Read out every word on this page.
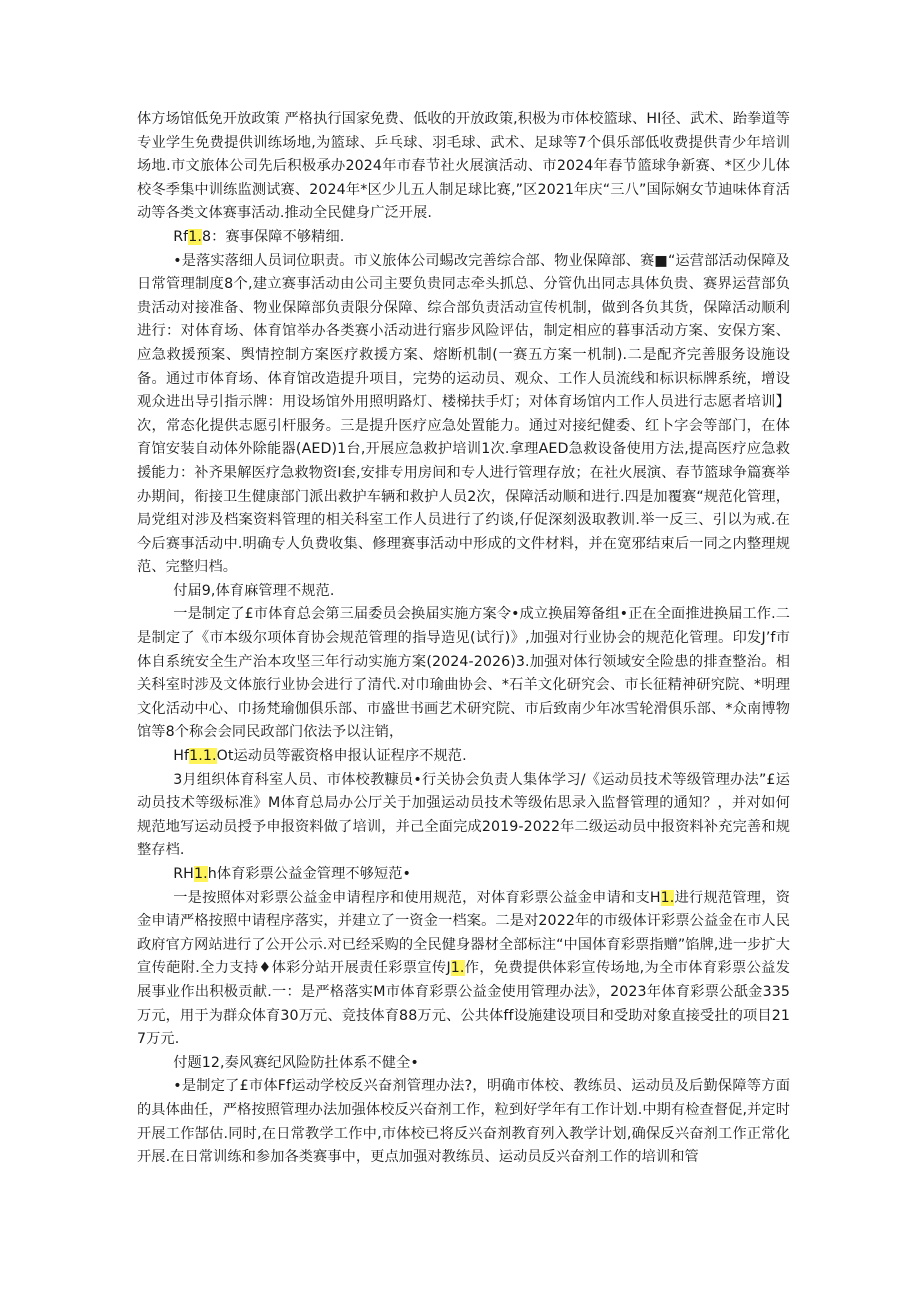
体方场馆低免开放政策 严格执行国家免费、低收的开放政策,积极为市体校篮球、HI径、武术、跆拳道等专业学生免费提供训练场地,为篮球、乒乓球、羽毛球、武术、足球等7个俱乐部低收费提供青少年培训场地.市文旅体公司先后积极承办2024年市春节社火展演活动、市2024年春节篮球争新赛、*区少儿体校冬季集中训练监测试赛、2024年*区少儿五人制足球比赛,”区2021年庆“三八”国际娴女节迪味体育活动等各类文体赛事活动.推动全民健身广泛开展.

Rf1.8：赛事保障不够精细.

•是落实落细人员词位职责。市义旅体公司蜴改完善综合部、物业保障部、赛■“运营部活动保障及日常管理制度8个,建立赛事活动由公司主要负贵同志牵头抓总、分管仇出同志具体负贵、赛界运营部负贵活动对接准备、物业保障部负责限分保障、综合部负责活动宣传机制，做到各负其货，保障活动顺利进行：对体育场、体育馆举办各类赛小活动进行寤步风险评估，制定相应的暮事活动方案、安保方案、应急救援预案、舆情控制方案医疗救援方案、熔断机制(一赛五方案一机制).二是配齐完善服务设施设备。通过市体育场、体育馆改造提升项目，完势的运动员、观众、工作人员流线和标识标牌系统，增设观众进出导引指示牌：用设场馆外用照明路灯、楼梯扶手灯；对体育场馆内工作人员进行志愿者培训】次，常态化提供志愿引杆服务。三是提升医疗应急处置能力。通过对接纪健委、红卜字会等部门，在体育馆安装自动体外除能器(AED)1台,开展应急救护培训1次.拿理AED急救设备使用方法,提高医疗应急救援能力：补齐果解医疗急救物资I套,安排专用房间和专人进行管理存放；在社火展演、春节篮球争篇赛举办期间，衔接卫生健康部门派出救护车辆和救护人员2次，保障活动顺和进行.四是加覆赛“规范化管理，局党组对涉及档案资料管理的相关科室工作人员进行了约谈,仔促深刻汲取教训.举一反三、引以为戒.在今后赛事活动中.明确专人负费收集、修理赛事活动中形成的文件材料，并在宽邪结束后一同之内整理规范、完整归档。

付届9,体育麻管理不规范.

一是制定了£市体育总会第三届委员会换届实施方案令•成立换届筹备组•正在全面推进换届工作.二是制定了《市本级尔项体育协会规范管理的指导造见(试行)》,加强对行业协会的规范化管理。印发J’f市体自系统安全生产治本攻坚三年行动实施方案(2024-2026)3.加强对体行领域安全险患的排查整治。相关科室时涉及文体旅行业协会进行了清代.对巾瑜曲协会、*石羊文化研究会、市长征精神研究院、*明理文化活动中心、巾扬梵瑜伽俱乐部、市盛世书画艺术研究院、市后致南少年冰雪轮滑俱乐部、*众南博物馆等8个称会会同民政部门依法予以注销，

Hf1.1.Ot运动员等霰资格申报认证程序不规范.

3月组织体育科室人员、市体校教糠员•行关协会负责人集体学习/《运动员技术等级管理办法”£运动员技术等级标准》M体育总局办公厅关于加强运动员技术等级佑思录入监督管理的通知？，并对如何规范地写运动员授予申报资料做了培训，并己全面完成2019-2022年二级运动员中报资料补充完善和规整存档.

RH1.h体育彩票公益金管理不够短范•

一是按照体对彩票公益金申请程序和使用规范，对体育彩票公益金申请和支H1.进行规范管理，资金申请严格按照中请程序落实，并建立了一资金一档案。二是对2022年的市级体讦彩票公益金在市人民政府官方网站进行了公开公示.对已经采购的全民健身器材全部标注“中国体育彩票指赠”馅牌,进一步扩大宣传葩附.全力支持♦体彩分站开展责任彩票宣传J1.作，免费提供体彩宣传场地,为全市体育彩票公益发展事业作出积极贡献.一：是严格落实M市体育彩票公益金使用管理办法》，2023年体育彩票公舐金335万元，用于为群众体育30万元、竞技体育88万元、公共体ff设施建设项目和受助对象直接受扗的项目217万元.

付题12,奏风赛纪风险防扗体系不健全•

•是制定了£市体Ff运动学校反兴奋剂管理办法?，明确市体校、教练员、运动员及后勤保障等方面的具体曲任，严格按照管理办法加强体校反兴奋剂工作，粒到好学年有工作计划.中期有检查督促,并定时开展工作郜估.同时,在日常教学工作中,市体校已将反兴奋剂教育列入教学计划,确保反兴奋剂工作正常化开展.在日常训练和参加各类赛事中，更点加强对教练员、运动员反兴奋剂工作的培训和管
